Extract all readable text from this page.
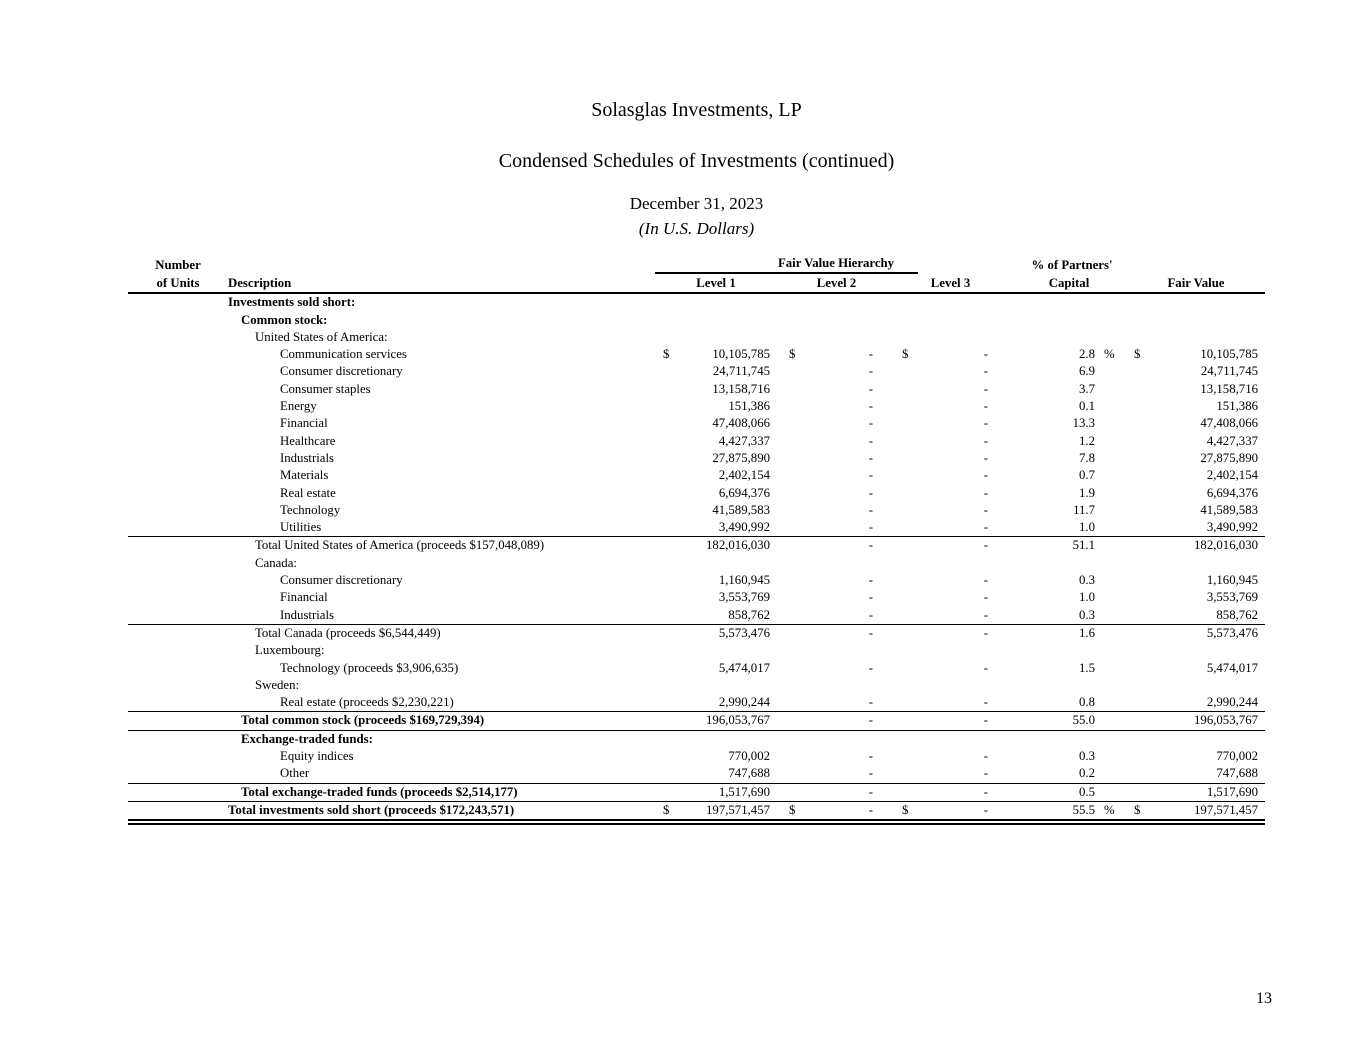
Solasglas Investments, LP
Condensed Schedules of Investments (continued)
December 31, 2023
(In U.S. Dollars)
Number		Fair Value Hierarchy						% of Partners'			

of Units	Description	Level 1		Level 2		Level 3		Capital		Fair Value	
	Investments sold short:										
	Common stock:										
	United States of America:										
	Communication services	$	10,105,785	$	-	$	-	2.8	%	$	10,105,785
	Consumer discretionary		24,711,745		-		-	6.9			24,711,745
	Consumer staples		13,158,716		-		-	3.7			13,158,716
	Energy		151,386		-		-	0.1			151,386
	Financial		47,408,066		-		-	13.3			47,408,066
	Healthcare		4,427,337		-		-	1.2			4,427,337
	Industrials		27,875,890		-		-	7.8			27,875,890
	Materials		2,402,154		-		-	0.7			2,402,154
	Real estate		6,694,376		-		-	1.9			6,694,376
	Technology		41,589,583		-		-	11.7			41,589,583
	Utilities		3,490,992		-		-	1.0			3,490,992
	Total United States of America (proceeds $157,048,089)		182,016,030		-		-	51.1			182,016,030
	Canada:										
	Consumer discretionary		1,160,945		-		-	0.3			1,160,945
	Financial		3,553,769		-		-	1.0			3,553,769
	Industrials		858,762		-		-	0.3			858,762
	Total Canada (proceeds $6,544,449)		5,573,476		-		-	1.6			5,573,476
	Luxembourg:										
	Technology (proceeds $3,906,635)		5,474,017		-		-	1.5			5,474,017
	Sweden:										
	Real estate (proceeds $2,230,221)		2,990,244		-		-	0.8			2,990,244
	Total common stock (proceeds $169,729,394)		196,053,767		-		-	55.0			196,053,767
	Exchange-traded funds:										
	Equity indices		770,002		-		-	0.3			770,002
	Other		747,688		-		-	0.2			747,688
	Total exchange-traded funds (proceeds $2,514,177)		1,517,690		-		-	0.5			1,517,690
	Total investments sold short (proceeds $172,243,571)	$	197,571,457	$	-	$	-	55.5	%	$	197,571,457
13
